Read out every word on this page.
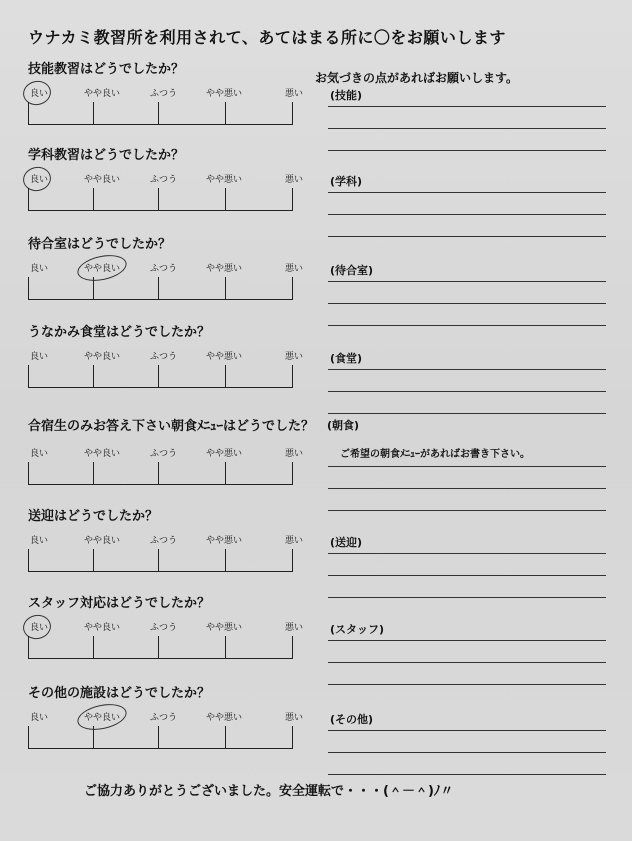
ウナカミ教習所を利用されて、あてはまる所に〇をお願いします
お気づきの点があればお願いします。
技能教習はどうでしたか？
良い	やや良い	ふつう	やや悪い	悪い (技能)
学科教習はどうでしたか？
良い	やや良い	ふつう	やや悪い	悪い (学科)
待合室はどうでしたか？
良い	やや良い	ふつう	やや悪い	悪い (待合室)
うなかみ食堂はどうでしたか？
良い	やや良い	ふつう	やや悪い	悪い (食堂)
合宿生のみお答え下さい朝食ﾒﾆｭｰはどうでした？
良い	やや良い	ふつう	やや悪い	悪い
(朝食)
ご希望の朝食ﾒﾆｭｰがあればお書き下さい。
送迎はどうでしたか？
良い	やや良い	ふつう	やや悪い	悪い (送迎)
スタッフ対応はどうでしたか？
良い	やや良い	ふつう	やや悪い	悪い (スタッフ)
その他の施設はどうでしたか？
良い	やや良い	ふつう	やや悪い	悪い (その他)
ご協力ありがとうございました。安全運転で・・・(＾－＾)ﾉ〃
